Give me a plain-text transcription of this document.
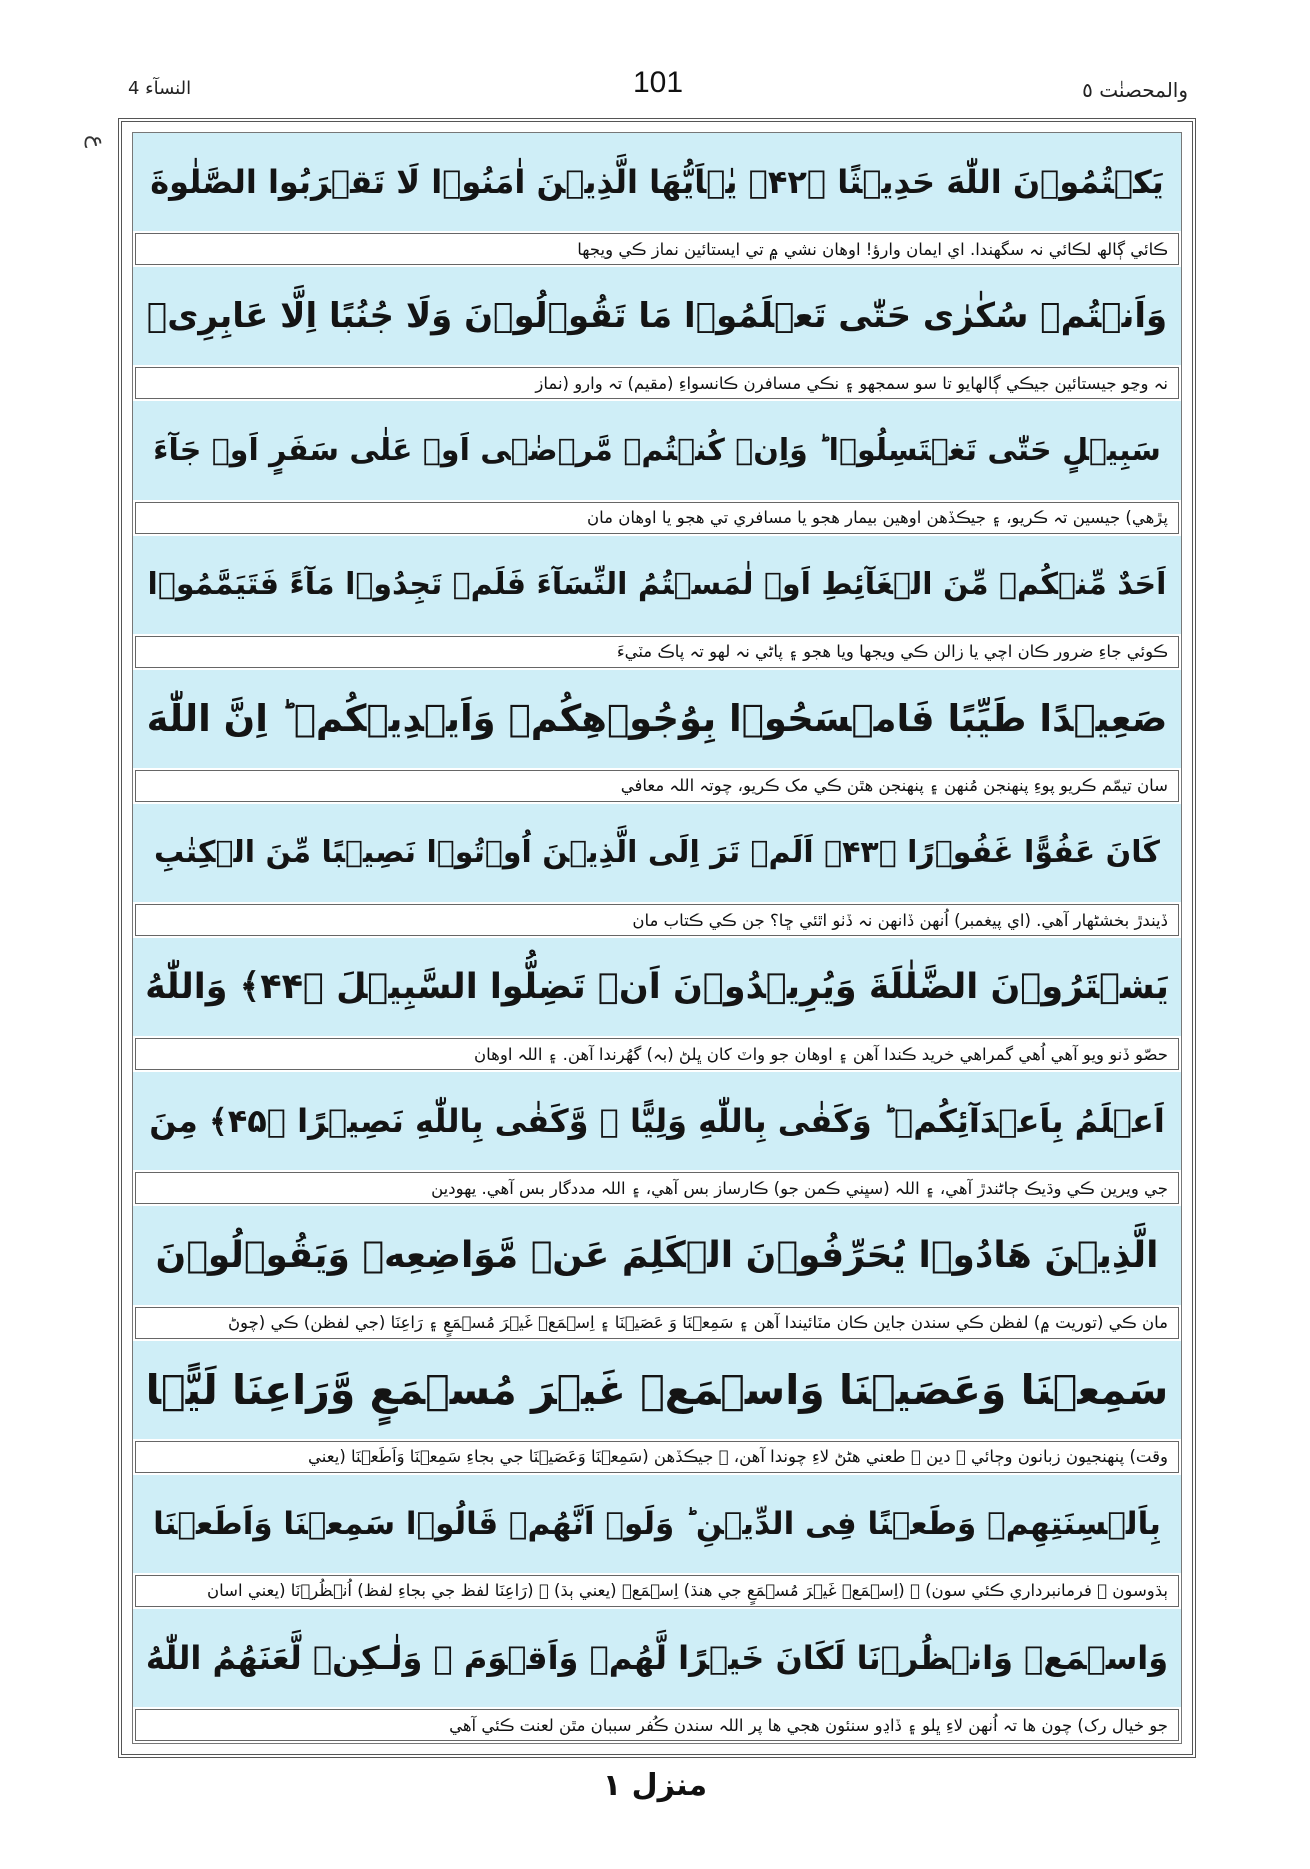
النسآء 4	101	والمحصنٰت ٥
ع
يَكۡتُمُوۡنَ اللّٰهَ حَدِيۡثًا ﴿۴۲﴾ يٰۤاَيُّهَا الَّذِيۡنَ اٰمَنُوۡا لَا تَقۡرَبُوا الصَّلٰوةَ
ڪائي ڳالھ لڪائي نہ سگھندا. اي ايمان وارؤ! اوھان نشي ۾ تي ايستائين نماز ڪي ويجھا
وَاَنۡتُمۡ سُكٰرٰى حَتّٰى تَعۡلَمُوۡا مَا تَقُوۡلُوۡنَ وَلَا جُنُبًا اِلَّا عَابِرِىۡ
نہ وڃو جيستائين جيڪي ڳالھايو تا سو سمجھو ۽ نڪي مسافرن ڪانسواءِ (مقيم) تہ وارو (نماز
سَبِيۡلٍ حَتّٰى تَغۡتَسِلُوۡا ؕ وَاِنۡ كُنۡتُمۡ مَّرۡضٰۤى اَوۡ عَلٰى سَفَرٍ اَوۡ جَآءَ
پڙھي) جيسين تہ ڪريو، ۽ جيڪڏھن اوھين بيمار ھجو يا مسافري تي ھجو يا اوھان مان
اَحَدٌ مِّنۡكُمۡ مِّنَ الۡغَآئِطِ اَوۡ لٰمَسۡتُمُ النِّسَآءَ فَلَمۡ تَجِدُوۡا مَآءً فَتَيَمَّمُوۡا
ڪوئي جاءِ ضرور ڪان اچي يا زالن ڪي ويجھا ويا ھجو ۽ پاڻي نہ لھو تہ پاڪ مٽيءَ
صَعِيۡدًا طَيِّبًا فَامۡسَحُوۡا بِوُجُوۡهِكُمۡ وَاَيۡدِيۡكُمۡ ؕ اِنَّ اللّٰهَ
سان تيمّم ڪريو پوءِ پنھنجن مُنھن ۽ پنھنجن ھٿن ڪي مک ڪريو، چوتہ اللہ معافي
كَانَ عَفُوًّا غَفُوۡرًا ﴿۴۳﴾ اَلَمۡ تَرَ اِلَى الَّذِيۡنَ اُوۡتُوۡا نَصِيۡبًا مِّنَ الۡكِتٰبِ
ڏيندڙ بخشڻھار آھي. (اي پيغمبر) اُنھن ڏانھن نہ ڏٺو اٿئي ڇا؟ جن ڪي ڪتاب مان
يَشۡتَرُوۡنَ الضَّلٰلَةَ وَيُرِيۡدُوۡنَ اَنۡ تَضِلُّوا السَّبِيۡلَ ﴿۴۴﴾ وَاللّٰهُ
حصّو ڏنو ويو آھي اُھي گمراھي خريد ڪندا آھن ۽ اوھان جو واٽ کان ڀلڻ (بہ) گھُرندا آھن. ۽ اللہ اوھان
اَعۡلَمُ بِاَعۡدَآئِكُمۡ ؕ وَكَفٰى بِاللّٰهِ وَلِيًّا ۙ وَّكَفٰى بِاللّٰهِ نَصِيۡرًا ﴿۴۵﴾ مِنَ
جي ويرين ڪي وڌيڪ ڄاڻندڙ آھي، ۽ اللہ (سڀني ڪمن جو) ڪارساز بس آھي، ۽ اللہ مددگار بس آھي. يھودين
الَّذِيۡنَ هَادُوۡا يُحَرِّفُوۡنَ الۡكَلِمَ عَنۡ مَّوَاضِعِهٖ وَيَقُوۡلُوۡنَ
مان ڪي (توريت ۾) لفظن ڪي سندن جاين ڪان مٽائيندا آھن ۽ سَمِعۡنَا وَ عَصَيۡنَا ۽ اِسۡمَعۡ غَيۡرَ مُسۡمَعٍ ۽ رَاعِنَا (جي لفظن) ڪي (چوڻ
سَمِعۡنَا وَعَصَيۡنَا وَاسۡمَعۡ غَيۡرَ مُسۡمَعٍ وَّرَاعِنَا لَيًّۢا
وقت) پنھنجيون زبانون وڄائي ۽ دين ۾ طعني ھڻڻ لاءِ چوندا آھن، ۽ جيڪڏھن (سَمِعۡنَا وَعَصَيۡنَا جي بجاءِ سَمِعۡنَا وَاَطَعۡنَا (يعني
بِاَلۡسِنَتِهِمۡ وَطَعۡنًا فِى الدِّيۡنِ ؕ وَلَوۡ اَنَّهُمۡ قَالُوۡا سَمِعۡنَا وَاَطَعۡنَا
ٻڌوسون ۽ فرمانبرداري ڪئي سون) ۽ (اِسۡمَعۡ غَيۡرَ مُسۡمَعٍ جي ھنڌ) اِسۡمَعۡ (يعني ٻڌ) ۽ (رَاعِنَا لفظ جي بجاءِ لفظ) اُنۡظُرۡنَا (يعني اسان
وَاسۡمَعۡ وَانۡظُرۡنَا لَكَانَ خَيۡرًا لَّهُمۡ وَاَقۡوَمَ ۙ وَلٰـكِنۡ لَّعَنَهُمُ اللّٰهُ
جو خيال رک) چون ھا تہ اُنھن لاءِ ڀلو ۽ ڏاڍو سنئون ھجي ھا پر اللہ سندن ڪُفر سببان مٿن لعنت ڪئي آھي
منزل ١
